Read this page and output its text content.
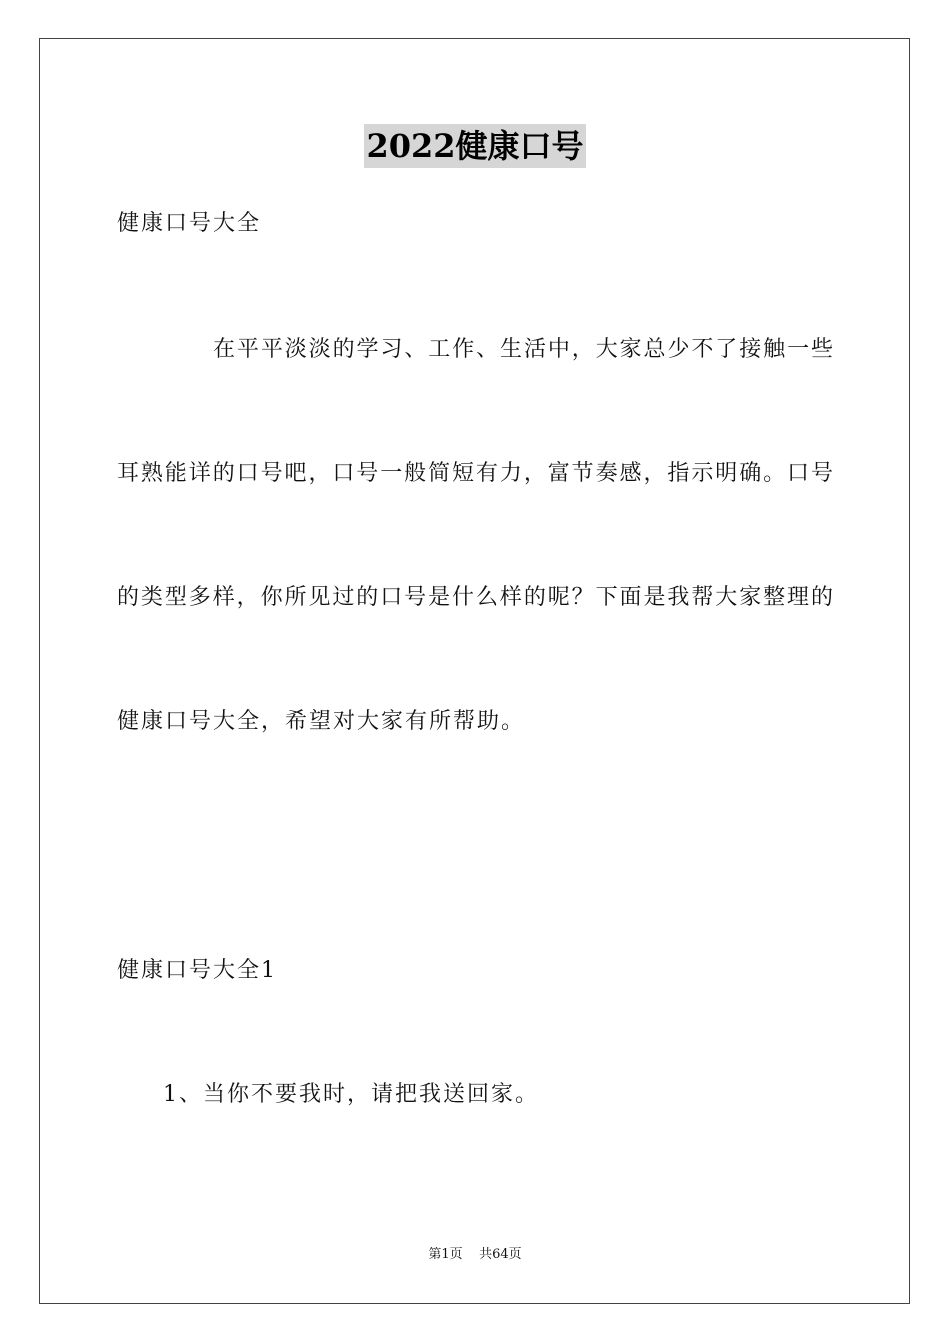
2022健康口号
健康口号大全
在平平淡淡的学习、工作、生活中，大家总少不了接触一些
耳熟能详的口号吧，口号一般简短有力，富节奏感，指示明确。口号
的类型多样，你所见过的口号是什么样的呢？下面是我帮大家整理的
健康口号大全，希望对大家有所帮助。
健康口号大全1
1、当你不要我时，请把我送回家。
第1页 共64页
